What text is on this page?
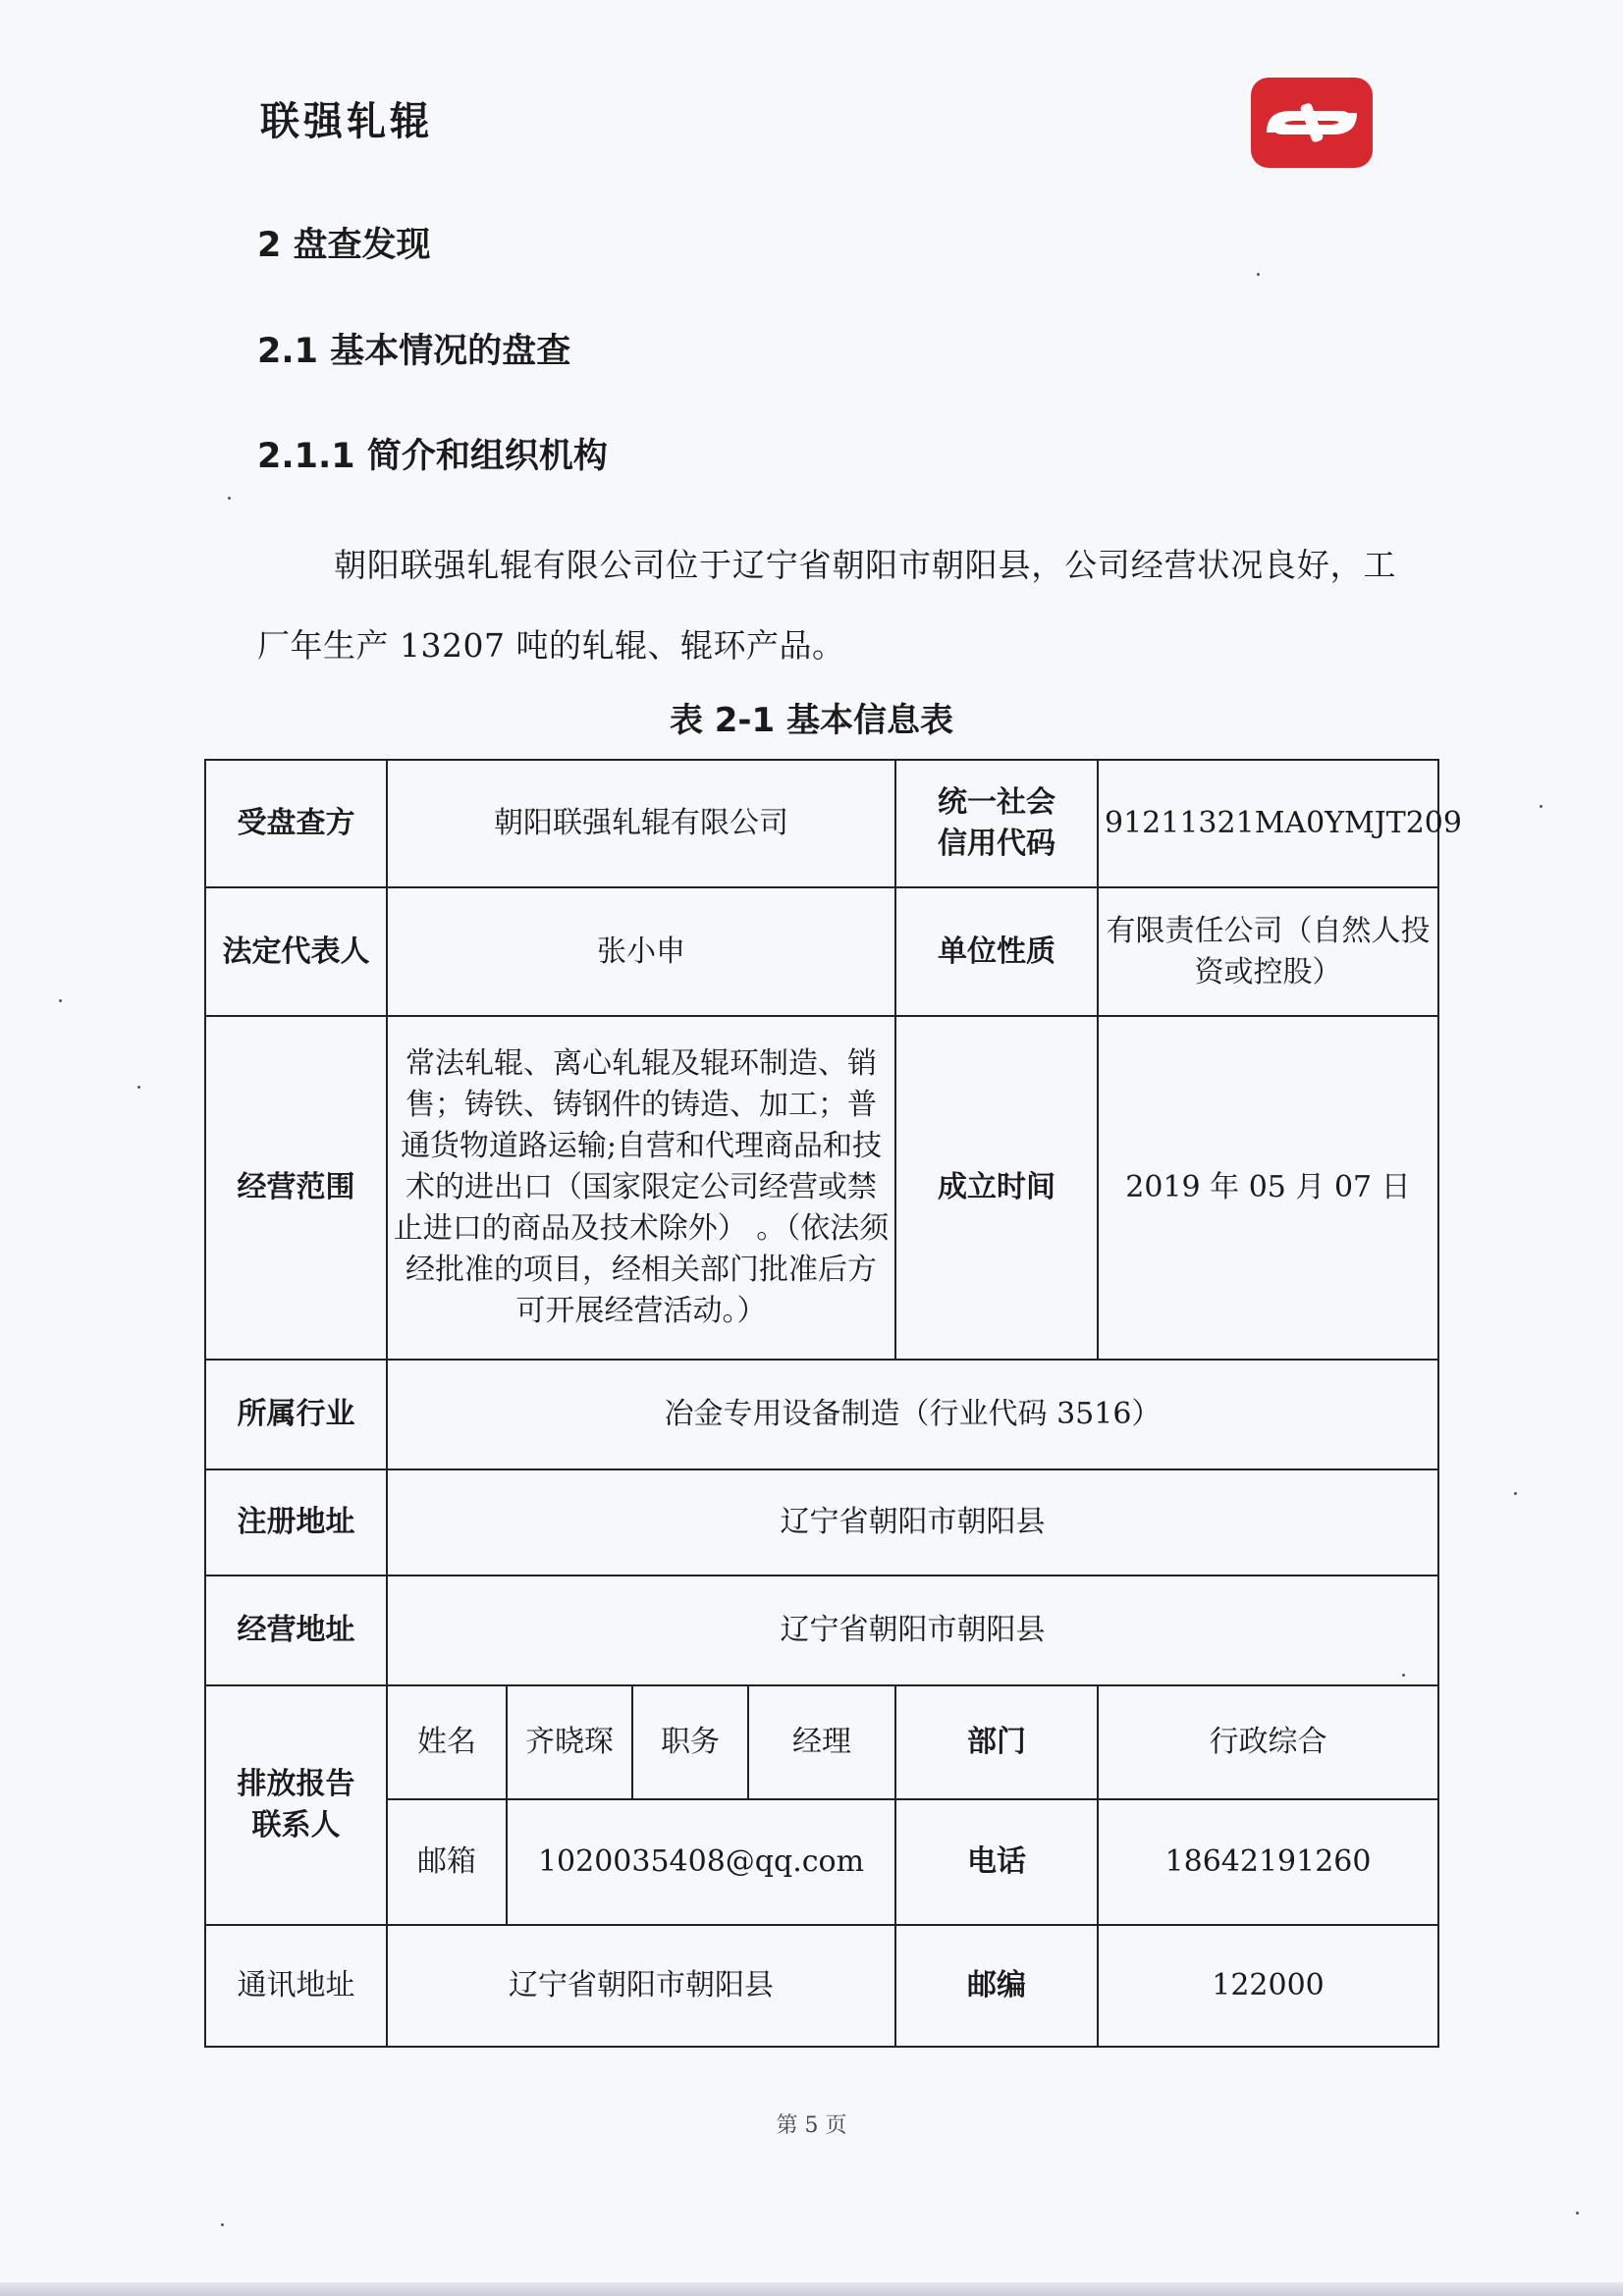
联强轧辊
2 盘查发现
2.1 基本情况的盘查
2.1.1 简介和组织机构
朝阳联强轧辊有限公司位于辽宁省朝阳市朝阳县，公司经营状况良好，工厂年生产 13207 吨的轧辊、辊环产品。
表 2-1 基本信息表
受盘查方	朝阳联强轧辊有限公司				统一社会信用代码	91211321MA0YMJT209
法定代表人	张小申				单位性质	有限责任公司（自然人投资或控股）
经营范围	常法轧辊、离心轧辊及辊环制造、销售；铸铁、铸钢件的铸造、加工；普通货物道路运输;自营和代理商品和技术的进出口（国家限定公司经营或禁止进口的商品及技术除外） 。（依法须经批准的项目，经相关部门批准后方可开展经营活动。）				成立时间	2019 年 05 月 07 日
所属行业	冶金专用设备制造（行业代码 3516）					
注册地址	辽宁省朝阳市朝阳县					
经营地址	辽宁省朝阳市朝阳县					
排放报告联系人	姓名	齐晓琛	职务	经理	部门	行政综合
	邮箱	1020035408@qq.com			电话	18642191260
通讯地址	辽宁省朝阳市朝阳县				邮编	122000
第 5 页
